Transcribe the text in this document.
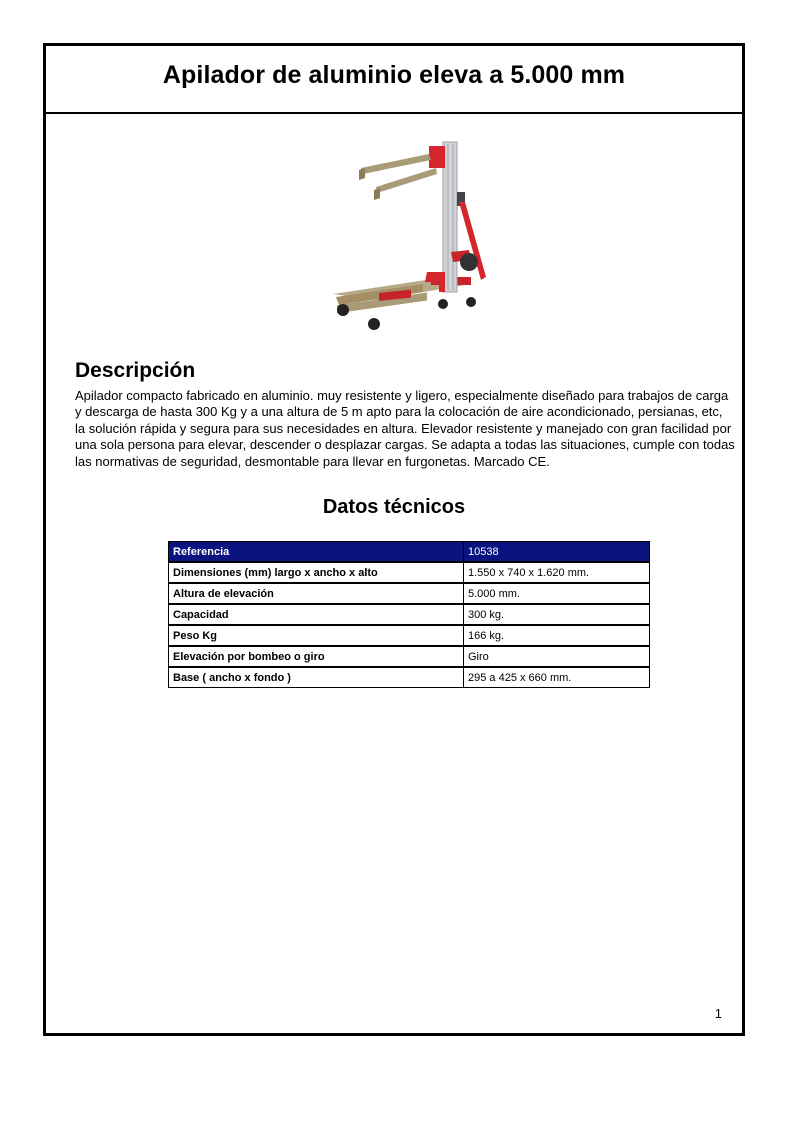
Apilador de aluminio eleva a 5.000 mm
Descripción
Apilador compacto fabricado en aluminio. muy resistente y ligero, especialmente diseñado para trabajos de carga y descarga de hasta 300 Kg y a una altura de 5 m apto para la colocación de aire acondicionado, persianas, etc, la solución rápida y segura para sus necesidades en altura. Elevador resistente y manejado con gran facilidad por una sola persona para elevar, descender o desplazar cargas. Se adapta a todas las situaciones, cumple con todas las normativas de seguridad, desmontable para llevar en furgonetas. Marcado CE.
Datos técnicos
Referencia	10538
Dimensiones (mm) largo x ancho x alto	1.550 x 740 x 1.620 mm.
Altura de elevación	5.000 mm.
Capacidad	300 kg.
Peso Kg	166 kg.
Elevación por bombeo o giro	Giro
Base ( ancho x fondo )	295 a 425 x 660 mm.
1
